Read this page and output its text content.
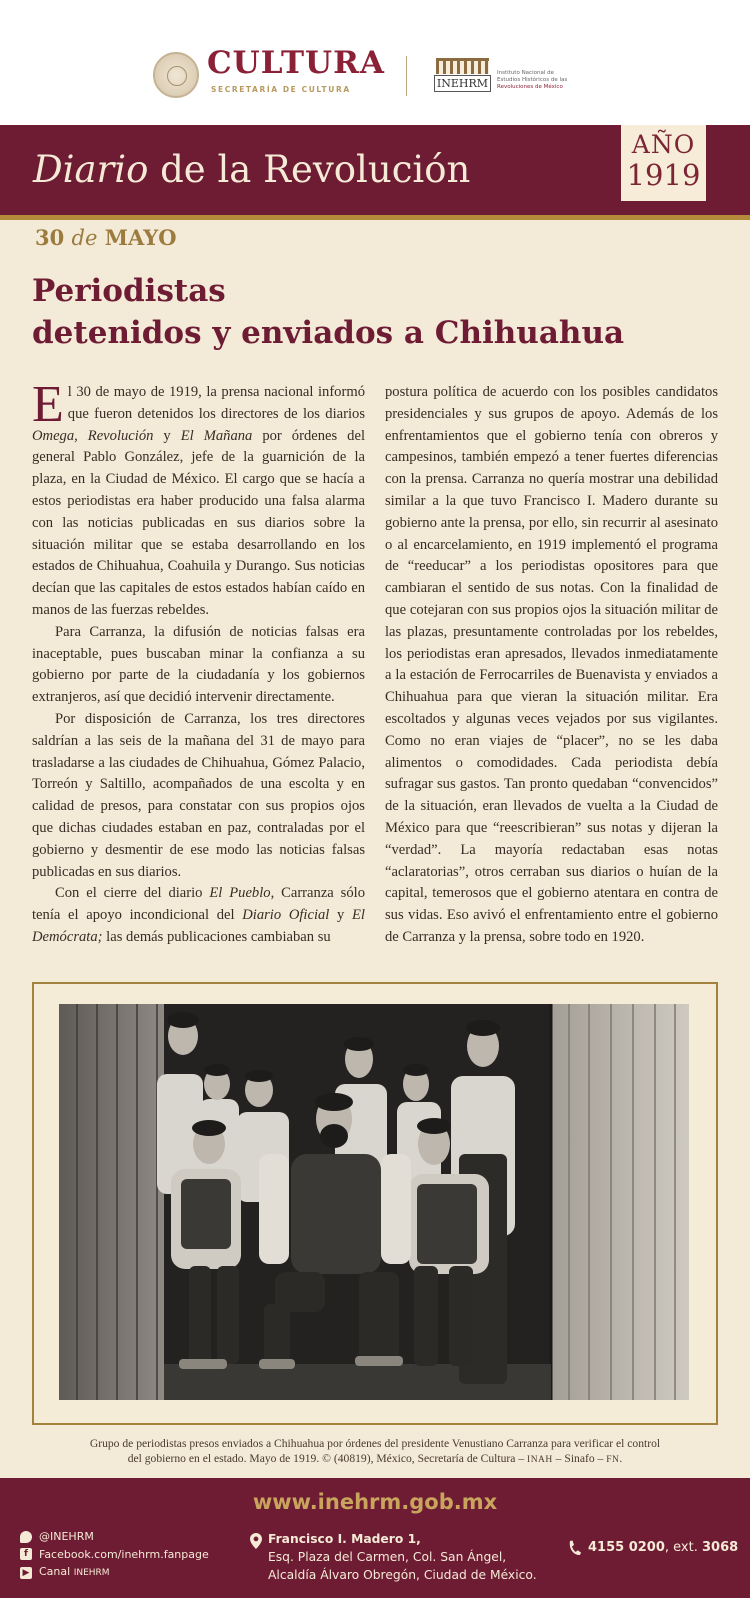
CULTURA
SECRETARÍA DE CULTURA	INEHRM
Instituto Nacional de
Estudios Históricos de las
Revoluciones de México
Diario de la Revolución
AÑO
1919
30 de MAYO
Periodistas
detenidos y enviados a Chihuahua

El 30 de mayo de 1919, la prensa nacional informó que fueron detenidos los directores de los diarios Omega, Revolución y El Mañana por órdenes del general Pablo González, jefe de la guarnición de la plaza, en la Ciudad de México. El cargo que se hacía a estos periodistas era haber producido una falsa alarma con las noticias publicadas en sus diarios sobre la situación militar que se estaba desarrollando en los estados de Chihuahua, Coahuila y Durango. Sus noticias decían que las capitales de estos estados habían caído en manos de las fuerzas rebeldes.

Para Carranza, la difusión de noticias falsas era inaceptable, pues buscaban minar la confianza a su gobierno por parte de la ciudadanía y los gobiernos extranjeros, así que decidió intervenir directamente.

Por disposición de Carranza, los tres directores saldrían a las seis de la mañana del 31 de mayo para trasladarse a las ciudades de Chihuahua, Gómez Palacio, Torreón y Saltillo, acompañados de una escolta y en calidad de presos, para constatar con sus propios ojos que dichas ciudades estaban en paz, contraladas por el gobierno y desmentir de ese modo las noticias falsas publicadas en sus diarios.

Con el cierre del diario El Pueblo, Carranza sólo tenía el apoyo incondicional del Diario Oficial y El Demócrata; las demás publicaciones cambiaban su

postura política de acuerdo con los posibles candidatos presidenciales y sus grupos de apoyo. Además de los enfrentamientos que el gobierno tenía con obreros y campesinos, también empezó a tener fuertes diferencias con la prensa. Carranza no quería mostrar una debilidad similar a la que tuvo Francisco I. Madero durante su gobierno ante la prensa, por ello, sin recurrir al asesinato o al encarcelamiento, en 1919 implementó el programa de “reeducar” a los periodistas opositores para que cambiaran el sentido de sus notas. Con la finalidad de que cotejaran con sus propios ojos la situación militar de las plazas, presuntamente controladas por los rebeldes, los periodistas eran apresados, llevados inmediatamente a la estación de Ferrocarriles de Buenavista y enviados a Chihuahua para que vieran la situación militar. Era escoltados y algunas veces vejados por sus vigilantes. Como no eran viajes de “placer”, no se les daba alimentos o comodidades. Cada periodista debía sufragar sus gastos. Tan pronto quedaban “convencidos” de la situación, eran llevados de vuelta a la Ciudad de México para que “reescribieran” sus notas y dijeran la “verdad”. La mayoría redactaban esas notas “aclaratorias”, otros cerraban sus diarios o huían de la capital, temerosos que el gobierno atentara en contra de sus vidas. Eso avivó el enfrentamiento entre el gobierno de Carranza y la prensa, sobre todo en 1920.

Grupo de periodistas presos enviados a Chihuahua por órdenes del presidente Venustiano Carranza para verificar el control
del gobierno en el estado. Mayo de 1919. © (40819), México, Secretaría de Cultura – INAH – Sinafo – FN.
www.inehrm.gob.mx
@INEHRM
f	Facebook.com/inehrm.fanpage
▶ Canal INEHRM
Francisco I. Madero 1,
Esq. Plaza del Carmen, Col. San Ángel,
Alcaldía Álvaro Obregón, Ciudad de México.
4155 0200, ext. 3068
